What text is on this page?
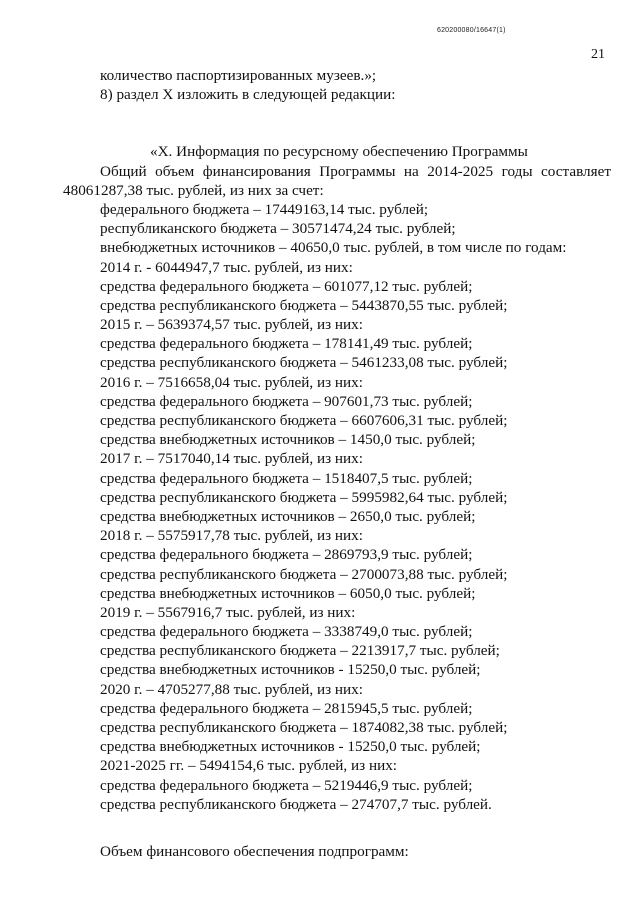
620200080/16647(1)
21
количество паспортизированных музеев.»;
8) раздел X изложить в следующей редакции:
«X. Информация по ресурсному обеспечению Программы
Общий объем финансирования Программы на 2014-2025 годы составляет
48061287,38 тыс. рублей, из них за счет:
федерального бюджета – 17449163,14 тыс. рублей;
республиканского бюджета – 30571474,24 тыс. рублей;
внебюджетных источников – 40650,0 тыс. рублей, в том числе по годам:
2014 г. - 6044947,7 тыс. рублей, из них:
средства федерального бюджета – 601077,12 тыс. рублей;
средства республиканского бюджета – 5443870,55 тыс. рублей;
2015 г. – 5639374,57 тыс. рублей, из них:
средства федерального бюджета – 178141,49 тыс. рублей;
средства республиканского бюджета – 5461233,08 тыс. рублей;
2016 г. – 7516658,04 тыс. рублей, из них:
средства федерального бюджета – 907601,73 тыс. рублей;
средства республиканского бюджета – 6607606,31 тыс. рублей;
средства внебюджетных источников – 1450,0 тыс. рублей;
2017 г. – 7517040,14 тыс. рублей, из них:
средства федерального бюджета – 1518407,5 тыс. рублей;
средства республиканского бюджета – 5995982,64 тыс. рублей;
средства внебюджетных источников – 2650,0 тыс. рублей;
2018 г. – 5575917,78 тыс. рублей, из них:
средства федерального бюджета – 2869793,9 тыс. рублей;
средства республиканского бюджета – 2700073,88 тыс. рублей;
средства внебюджетных источников – 6050,0 тыс. рублей;
2019 г. – 5567916,7 тыс. рублей, из них:
средства федерального бюджета – 3338749,0 тыс. рублей;
средства республиканского бюджета – 2213917,7 тыс. рублей;
средства внебюджетных источников - 15250,0 тыс. рублей;
2020 г. – 4705277,88 тыс. рублей, из них:
средства федерального бюджета – 2815945,5 тыс. рублей;
средства республиканского бюджета – 1874082,38 тыс. рублей;
средства внебюджетных источников - 15250,0 тыс. рублей;
2021-2025 гг. – 5494154,6 тыс. рублей, из них:
средства федерального бюджета – 5219446,9 тыс. рублей;
средства республиканского бюджета – 274707,7 тыс. рублей.
Объем финансового обеспечения подпрограмм:
